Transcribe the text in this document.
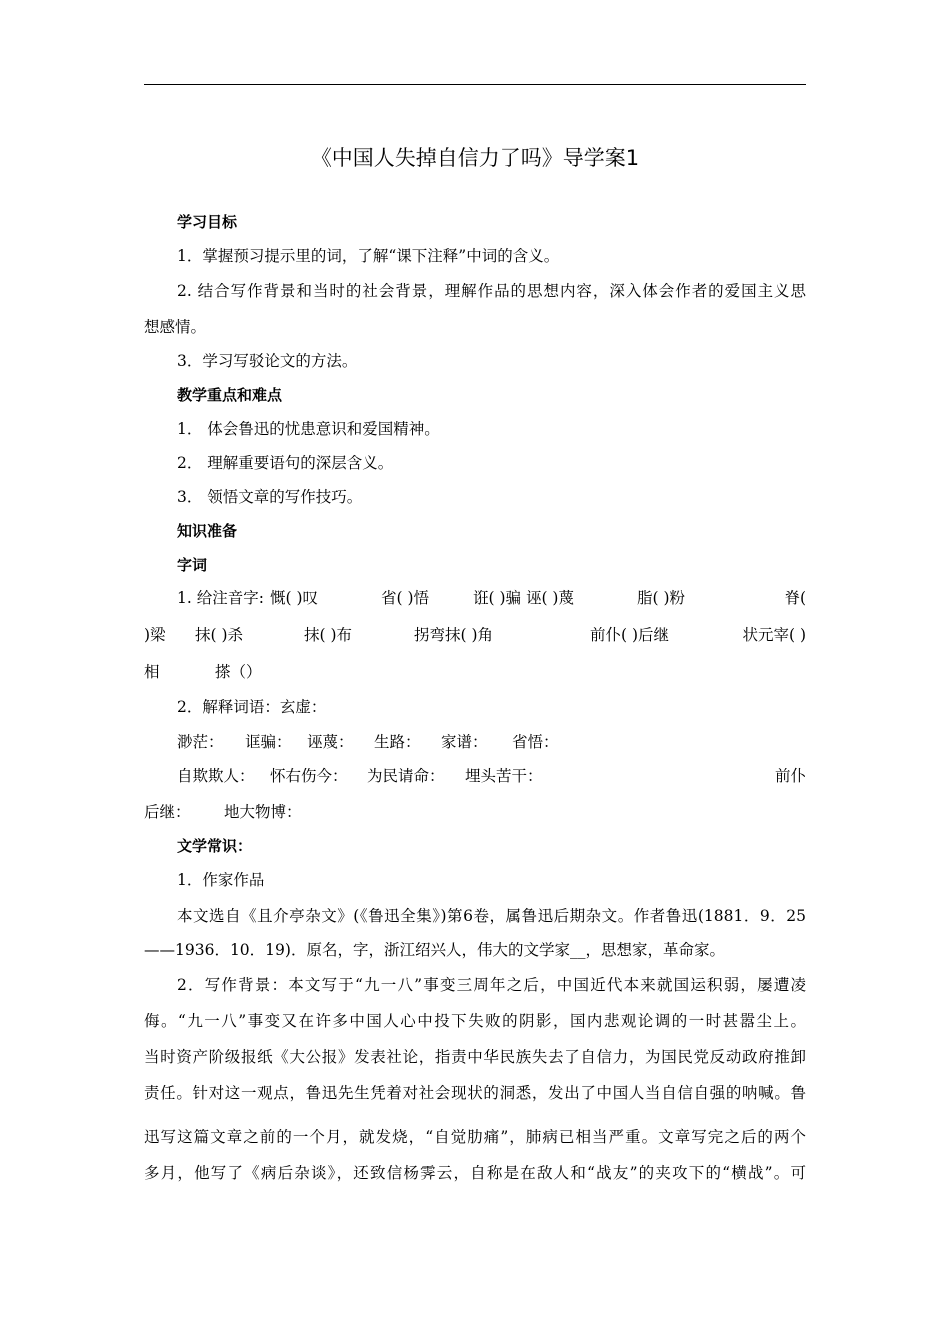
《中国人失掉自信力了吗》导学案1
学习目标
1．掌握预习提示里的词，了解“课下注释”中词的含义。
2. 结合写作背景和当时的社会背景，理解作品的思想内容，深入体会作者的爱国主义思
想感情。
3．学习写驳论文的方法。
教学重点和难点
1． 体会鲁迅的忧患意识和爱国精神。
2． 理解重要语句的深层含义。
3． 领悟文章的写作技巧。
知识准备
字词
1. 给注音字: 慨( )叹	省( )悟	诳( )骗 诬( )蔑	脂( )粉	脊(
)梁 抹( )杀	抹( )布	拐弯抹( )角	前仆( )后继	状元宰( )
相	搽（）
2．解释词语：玄虚：
渺茫： 诓骗： 诬蔑： 生路： 家谱： 省悟：
自欺欺人： 怀右伤今： 为民请命： 埋头苦干：	前仆
后继： 地大物博：
文学常识：
1．作家作品
本文选自《且介亭杂文》(《鲁迅全集》)第6卷，属鲁迅后期杂文。作者鲁迅(1881．9．25
——1936．10．19)．原名，字，浙江绍兴人，伟大的文学家__，思想家，革命家。
2．写作背景：本文写于“九一八”事变三周年之后，中国近代本来就国运积弱，屡遭凌
侮。“九一八”事变又在许多中国人心中投下失败的阴影，国内悲观论调的一时甚嚣尘上。
当时资产阶级报纸《大公报》发表社论，指责中华民族失去了自信力，为国民党反动政府推卸
责任。针对这一观点，鲁迅先生凭着对社会现状的洞悉，发出了中国人当自信自强的呐喊。鲁
迅写这篇文章之前的一个月，就发烧，“自觉肋痛”，肺病已相当严重。文章写完之后的两个
多月，他写了《病后杂谈》，还致信杨霁云，自称是在敌人和“战友”的夹攻下的“横战”。可
